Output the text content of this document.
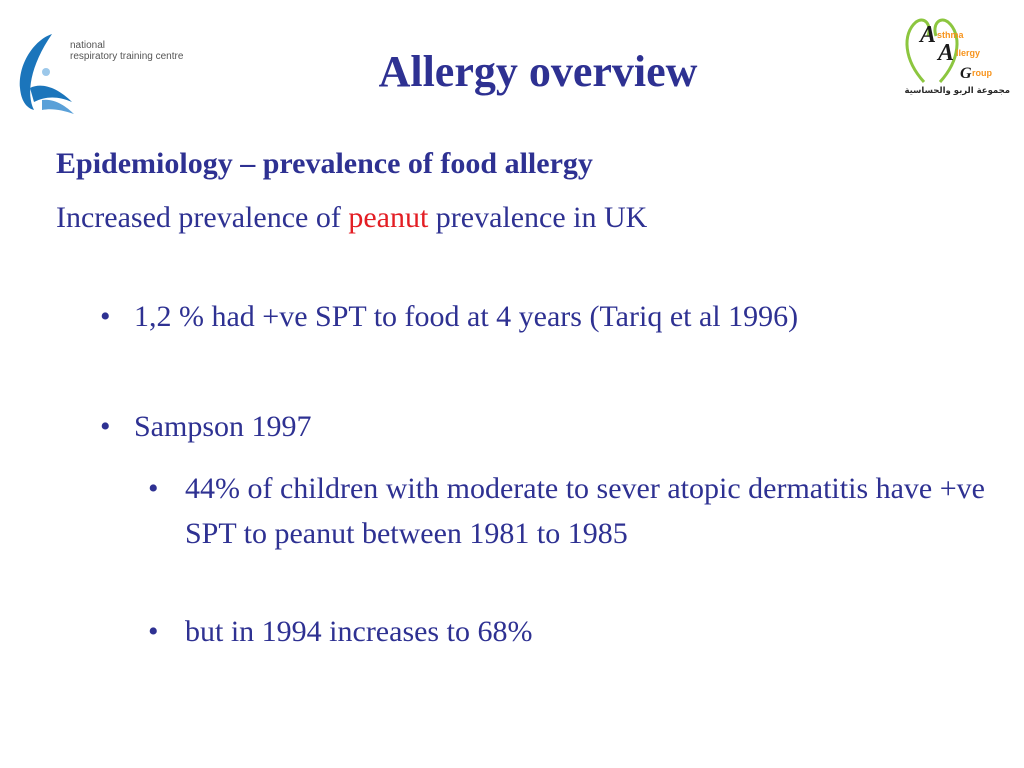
national
respiratory training centre
A sthma
A llergy
G roup
مجموعة الربو والحساسية
Allergy overview

Epidemiology – prevalence of food allergy

Increased prevalence of peanut prevalence in UK

• 1,2 % had +ve SPT to food at 4 years (Tariq et al 1996)
• Sampson 1997
• 44% of children with moderate to sever atopic dermatitis have +ve SPT to peanut between 1981 to 1985
• but in 1994 increases to 68%
